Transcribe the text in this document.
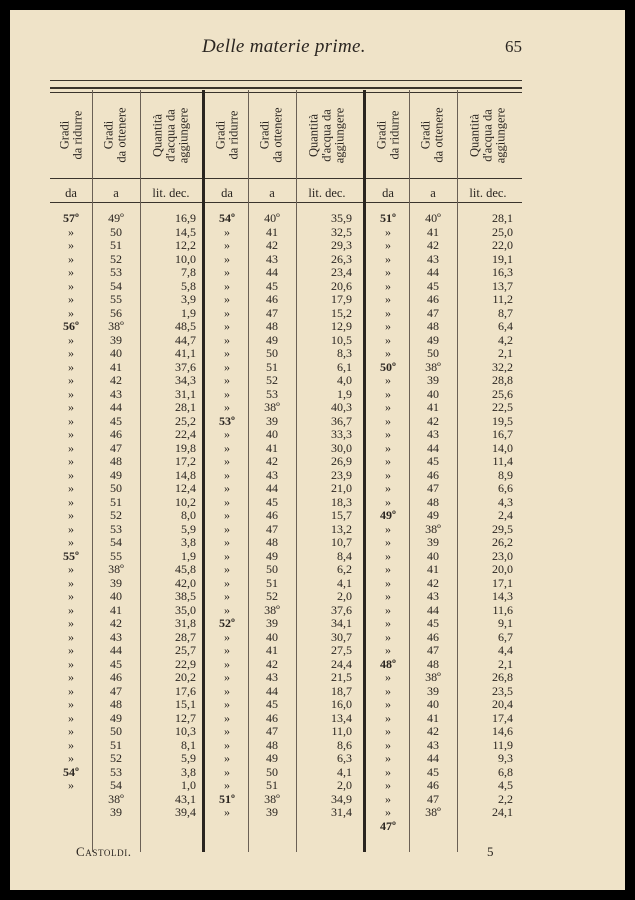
Delle materie prime.	65
Gradi
da ridurre
da
Gradi
da ottenere
a
Quantità
d'acqua da
aggiungere
lit. dec.
57º
»
»
»
»
»
»
»
56º
»
»
»
»
»
»
»
»
»
»
»
»
»
»
»
»
55º
»
»
»
»
»
»
»
»
»
»
»
»
»
»
»
54º
»
49º
50
51
52
53
54
55
56
38º
39
40
41
42
43
44
45
46
47
48
49
50
51
52
53
54
55
38º
39
40
41
42
43
44
45
46
47
48
49
50
51
52
53
54
38º
39
16,9
14,5
12,2
10,0
7,8
5,8
3,9
1,9
48,5
44,7
41,1
37,6
34,3
31,1
28,1
25,2
22,4
19,8
17,2
14,8
12,4
10,2
8,0
5,9
3,8
1,9
45,8
42,0
38,5
35,0
31,8
28,7
25,7
22,9
20,2
17,6
15,1
12,7
10,3
8,1
5,9
3,8
1,0
43,1
39,4
Gradi
da ridurre
da
Gradi
da ottenere
a
Quantità
d'acqua da
aggiungere
lit. dec.
54º
»
»
»
»
»
»
»
»
»
»
»
»
»
»
53º
»
»
»
»
»
»
»
»
»
»
»
»
»
»
52º
»
»
»
»
»
»
»
»
»
»
»
»
51º
»
40º
41
42
43
44
45
46
47
48
49
50
51
52
53
38º
39
40
41
42
43
44
45
46
47
48
49
50
51
52
38º
39
40
41
42
43
44
45
46
47
48
49
50
51
38º
39
35,9
32,5
29,3
26,3
23,4
20,6
17,9
15,2
12,9
10,5
8,3
6,1
4,0
1,9
40,3
36,7
33,3
30,0
26,9
23,9
21,0
18,3
15,7
13,2
10,7
8,4
6,2
4,1
2,0
37,6
34,1
30,7
27,5
24,4
21,5
18,7
16,0
13,4
11,0
8,6
6,3
4,1
2,0
34,9
31,4
Gradi
da ridurre
da
Gradi
da ottenere
a
Quantità
d'acqua da
aggiungere
lit. dec.
51º
»
»
»
»
»
»
»
»
»
»
50º
»
»
»
»
»
»
»
»
»
»
49º
»
»
»
»
»
»
»
»
»
»
48º
»
»
»
»
»
»
»
»
»
»
»
47º
40º
41
42
43
44
45
46
47
48
49
50
38º
39
40
41
42
43
44
45
46
47
48
49
38º
39
40
41
42
43
44
45
46
47
48
38º
39
40
41
42
43
44
45
46
47
38º
28,1
25,0
22,0
19,1
16,3
13,7
11,2
8,7
6,4
4,2
2,1
32,2
28,8
25,6
22,5
19,5
16,7
14,0
11,4
8,9
6,6
4,3
2,4
29,5
26,2
23,0
20,0
17,1
14,3
11,6
9,1
6,7
4,4
2,1
26,8
23,5
20,4
17,4
14,6
11,9
9,3
6,8
4,5
2,2
24,1
Castoldi.	5
